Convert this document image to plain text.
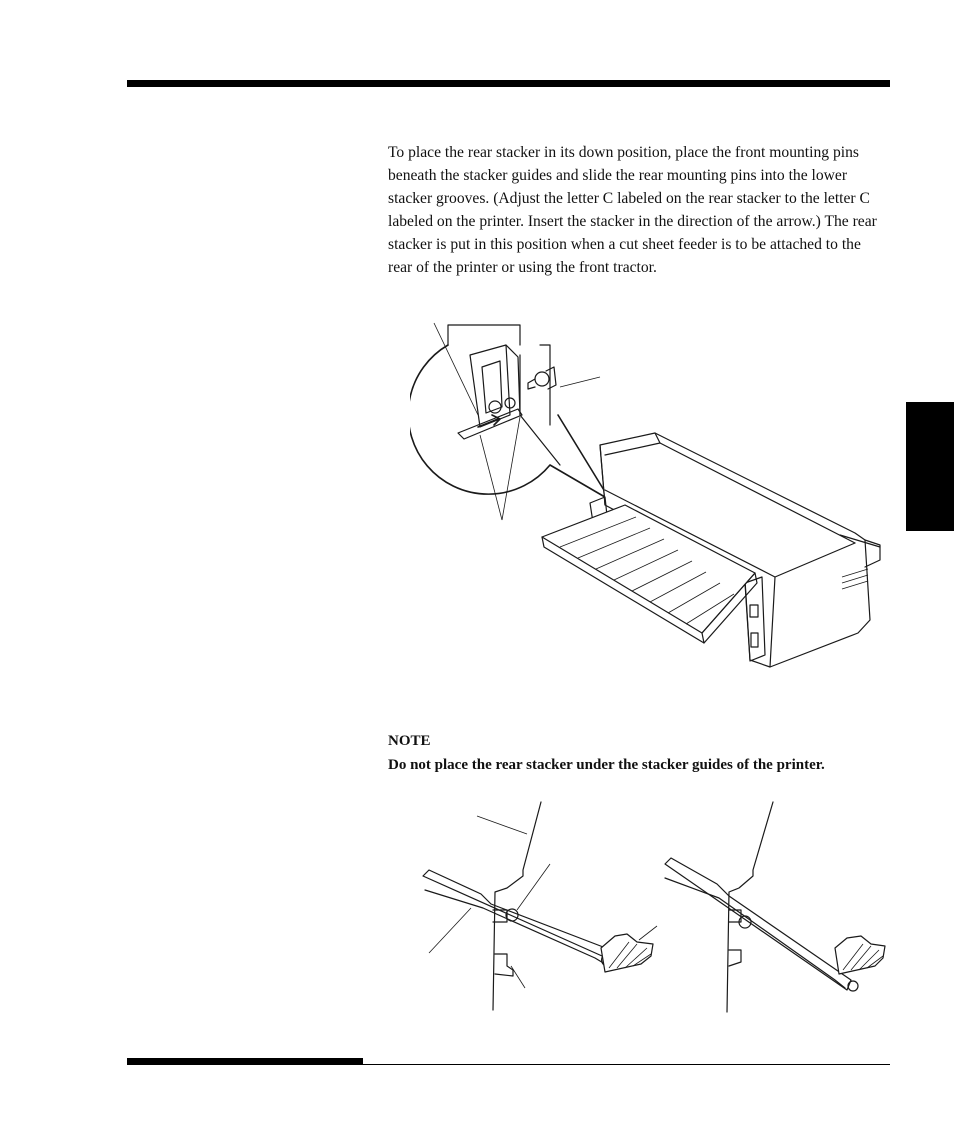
To place the rear stacker in its down position, place the front mounting pins beneath the stacker guides and slide the rear mounting pins into the lower stacker grooves. (Adjust the letter C labeled on the rear stacker to the letter C labeled on the printer. Insert the stacker in the direction of the arrow.) The rear stacker is put in this position when a cut sheet feeder is to be attached to the rear of the printer or using the front tractor.

NOTE

Do not place the rear stacker under the stacker guides of the printer.
